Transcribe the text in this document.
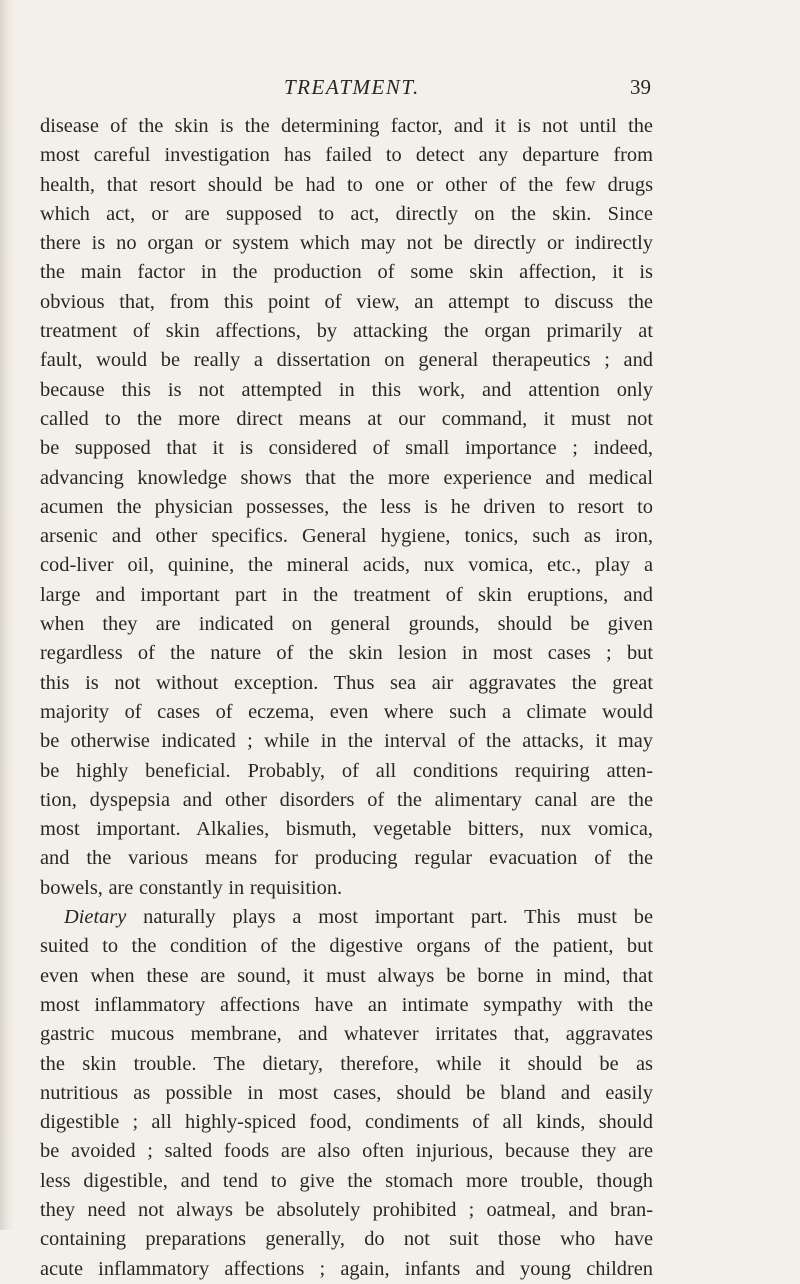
TREATMENT.	39
disease of the skin is the determining factor, and it is not until the
most careful investigation has failed to detect any departure from
health, that resort should be had to one or other of the few drugs
which act, or are supposed to act, directly on the skin. Since
there is no organ or system which may not be directly or indirectly
the main factor in the production of some skin affection, it is
obvious that, from this point of view, an attempt to discuss the
treatment of skin affections, by attacking the organ primarily at
fault, would be really a dissertation on general therapeutics ; and
because this is not attempted in this work, and attention only
called to the more direct means at our command, it must not
be supposed that it is considered of small importance ; indeed,
advancing knowledge shows that the more experience and medical
acumen the physician possesses, the less is he driven to resort to
arsenic and other specifics. General hygiene, tonics, such as iron,
cod-liver oil, quinine, the mineral acids, nux vomica, etc., play a
large and important part in the treatment of skin eruptions, and
when they are indicated on general grounds, should be given
regardless of the nature of the skin lesion in most cases ; but
this is not without exception. Thus sea air aggravates the great
majority of cases of eczema, even where such a climate would
be otherwise indicated ; while in the interval of the attacks, it may
be highly beneficial. Probably, of all conditions requiring atten-
tion, dyspepsia and other disorders of the alimentary canal are the
most important. Alkalies, bismuth, vegetable bitters, nux vomica,
and the various means for producing regular evacuation of the
bowels, are constantly in requisition.
Dietary naturally plays a most important part. This must be
suited to the condition of the digestive organs of the patient, but
even when these are sound, it must always be borne in mind, that
most inflammatory affections have an intimate sympathy with the
gastric mucous membrane, and whatever irritates that, aggravates
the skin trouble. The dietary, therefore, while it should be as
nutritious as possible in most cases, should be bland and easily
digestible ; all highly-spiced food, condiments of all kinds, should
be avoided ; salted foods are also often injurious, because they are
less digestible, and tend to give the stomach more trouble, though
they need not always be absolutely prohibited ; oatmeal, and bran-
containing preparations generally, do not suit those who have
acute inflammatory affections ; again, infants and young children
